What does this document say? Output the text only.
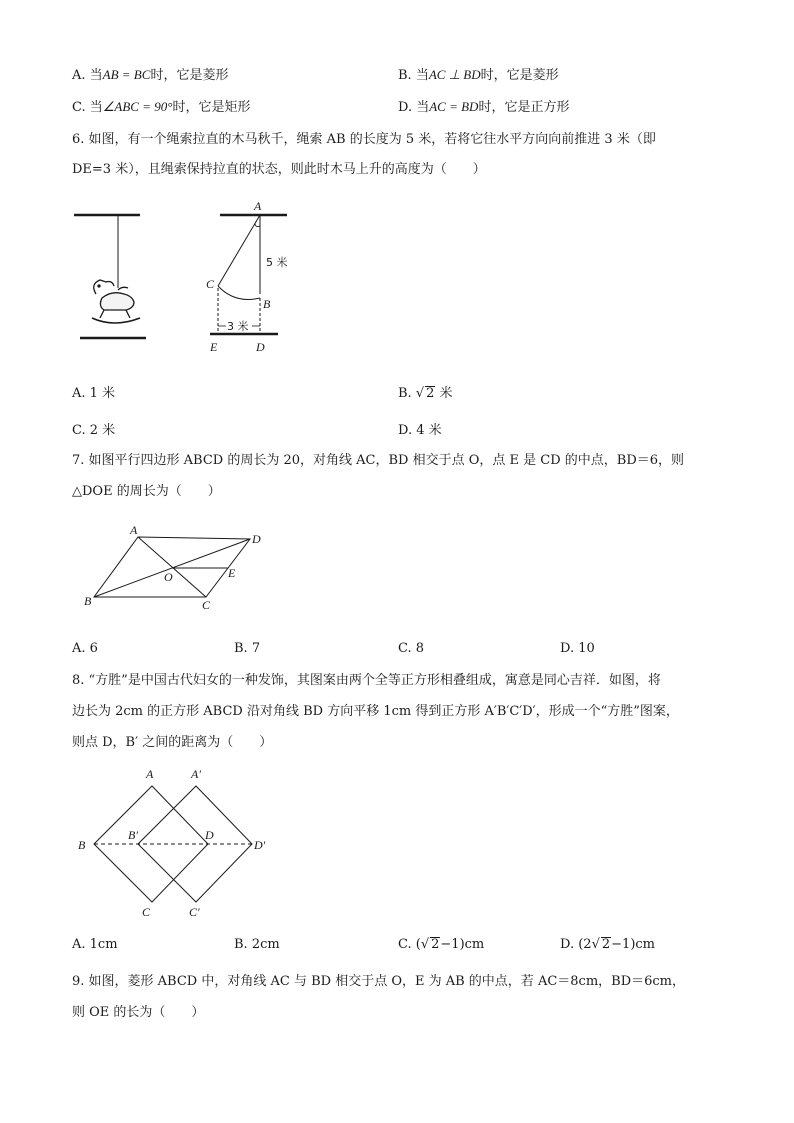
A. 当AB = BC时，它是菱形	B. 当AC ⊥ BD时，它是菱形
C. 当∠ABC = 90°时，它是矩形	D. 当AC = BD时，它是正方形
6. 如图，有一个绳索拉直的木马秋千，绳索 AB 的长度为 5 米，若将它往水平方向向前推进 3 米（即
DE=3 米），且绳索保持拉直的状态，则此时木马上升的高度为（　　）
A
C
B
E	D
5 米
3 米
A. 1 米	B. √ 2 米
C. 2 米	D. 4 米
7. 如图平行四边形 ABCD 的周长为 20，对角线 AC，BD 相交于点 O，点 E 是 CD 的中点，BD＝6，则
△DOE 的周长为（　　）
A
D
B	C
O	E
A. 6	B. 7	C. 8	D. 10
8. “方胜”是中国古代妇女的一种发饰，其图案由两个全等正方形相叠组成，寓意是同心吉祥．如图，将
边长为 2cm 的正方形 ABCD 沿对角线 BD 方向平移 1cm 得到正方形 A′B′C′D′，形成一个“方胜”图案，
则点 D，B′ 之间的距离为（　　）
A	A′
B
B′	D
D′
C	C′
A. 1cm	B. 2cm	C. (√ 2−1)cm	D. (2√ 2−1)cm
9. 如图，菱形 ABCD 中，对角线 AC 与 BD 相交于点 O，E 为 AB 的中点，若 AC＝8cm，BD＝6cm，
则 OE 的长为（　　）
